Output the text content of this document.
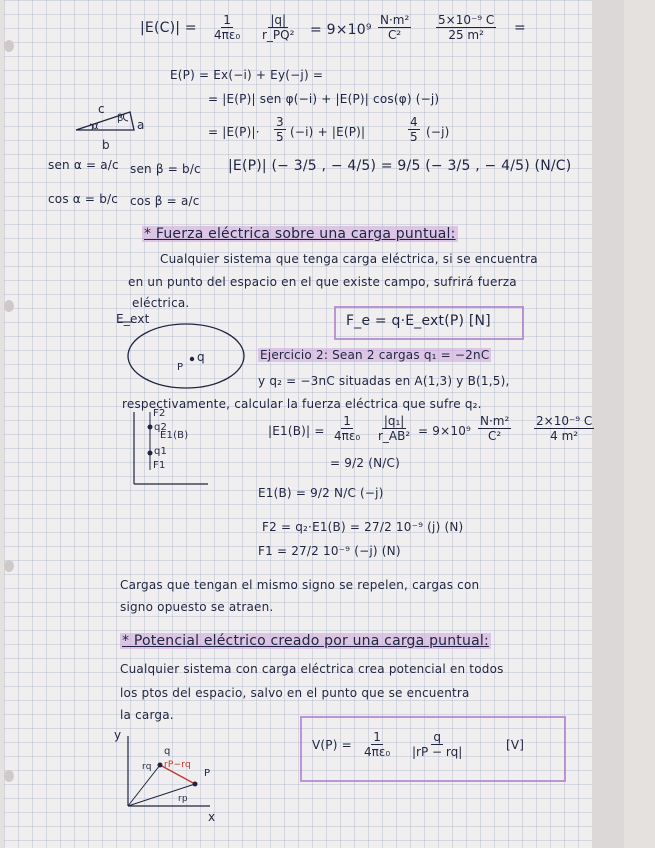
$|E(C)| = \frac{1}{\text{4πε₀}} \frac{|q|}{\text{r\_PQ²}} = 9\times 10^9 \frac{\text{N·m²}}{\text{C²}} \frac{\text{5×10⁻⁹ C}}{\text{25 m²}}$ =
E(P) = Ex(−i) + Ey(−j) =
= |E(P)| sen φ(−i) + |E(P)| cos(φ) (−j)
= $|E(P)|\cdot \frac{3}{5} (-i) + |E(P)|$	$\frac{4}{5} (-j)$
|E(P)| (− 3/5 , − 4/5) = 9/5 (− 3/5 , − 4/5) (N/C)
c
a
b
α
β
sen α = a/c sen β = b/c
cos α = b/c cos β = a/c
* Fuerza eléctrica sobre una carga puntual:
Cualquier sistema que tenga carga eléctrica, si se encuentra
en un punto del espacio en el que existe campo, sufrirá fuerza
eléctrica.
E_ext
P
q
F_e = q·E_ext(P) [N]
Ejercicio 2: Sean 2 cargas q₁ = −2nC
y q₂ = −3nC situadas en A(1,3) y B(1,5),
respectivamente, calcular la fuerza eléctrica que sufre q₂.
F2
q2
E1(B)
q1
F1
$|E1(B)| = \frac{1}{\text{4πε₀}} \frac{\text{|q₁|}}{\text{r\_AB²}} = 9\times 10^9 \frac{\text{N·m²}}{\text{C²}} \frac{\text{2×10⁻⁹ C}}{\text{4 m²}}$
= 9/2 (N/C)
E1(B) = 9/2 N/C (−j)
F2 = q₂·E1(B) = 27/2 10⁻⁹ (j) (N)
F1 = 27/2 10⁻⁹ (−j) (N)
Cargas que tengan el mismo signo se repelen, cargas con
signo opuesto se atraen.
* Potencial eléctrico creado por una carga puntual:
Cualquier sistema con carga eléctrica crea potencial en todos
los ptos del espacio, salvo en el punto que se encuentra
la carga.
y
x
q
P
rq
rp
rP−rq
$V(P) = \frac{1}{\text{4πε₀}} \frac{q}{|rP - rq|}$	[V]
